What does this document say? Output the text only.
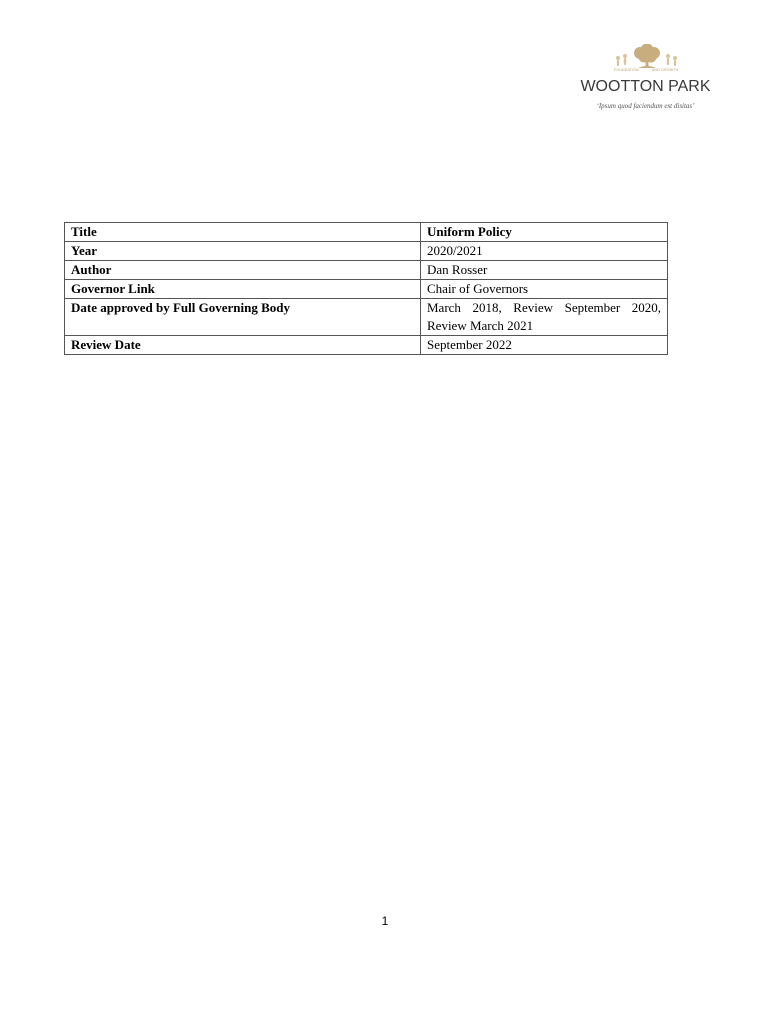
FOUNDATION	AND GROWTH
WOOTTON PARK
‘Ipsum quod faciendum est disitas’
Title	Uniform Policy
Year	2020/2021
Author	Dan Rosser
Governor Link	Chair of Governors
Date approved by Full Governing Body	March 2018, Review September 2020, Review March 2021
Review Date	September 2022
1
